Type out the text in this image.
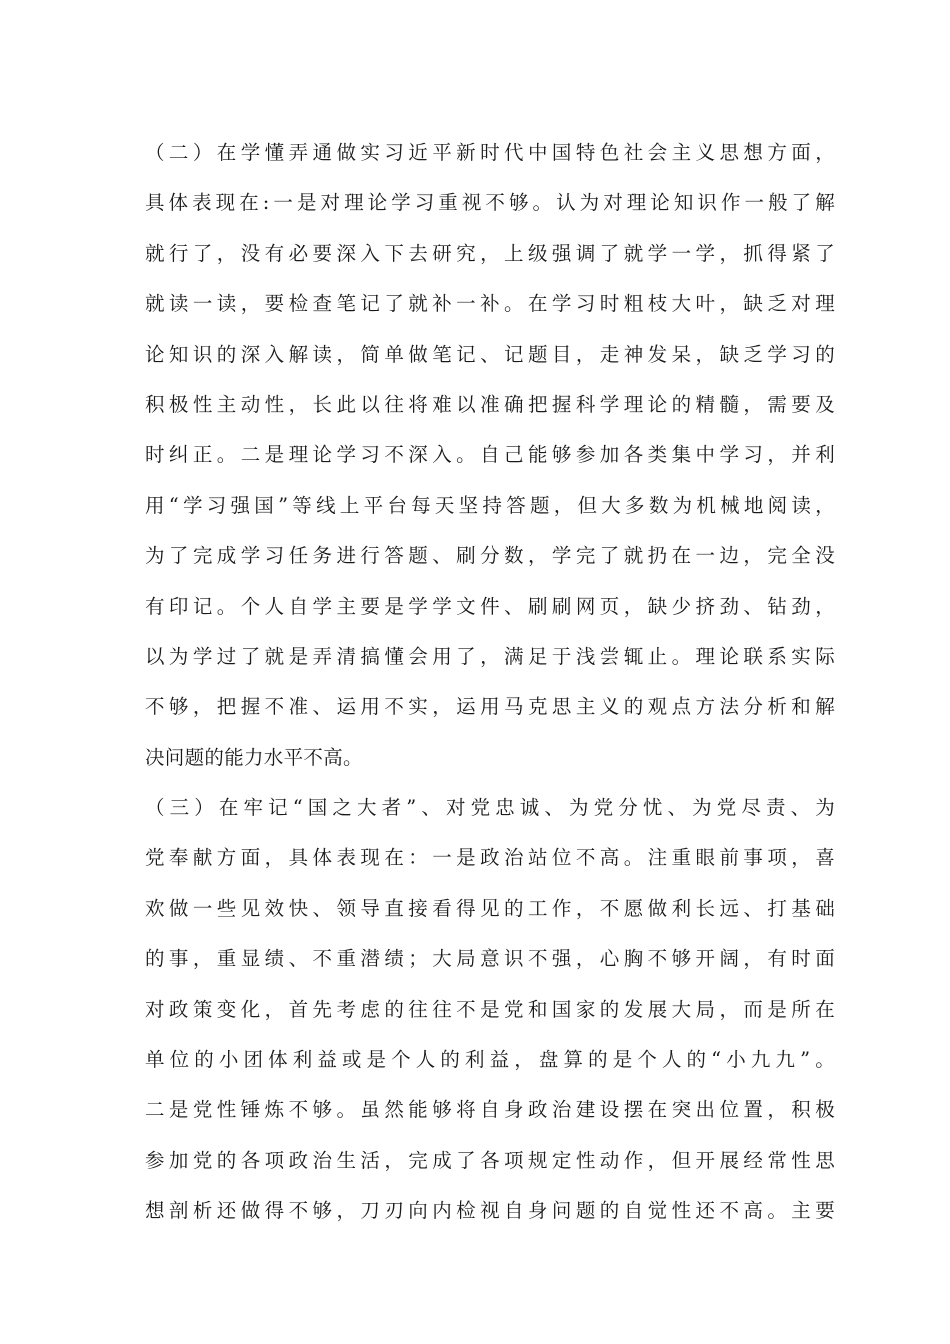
（二）在学懂弄通做实习近平新时代中国特色社会主义思想方面，
具体表现在:一是对理论学习重视不够。认为对理论知识作一般了解
就行了，没有必要深入下去研究，上级强调了就学一学，抓得紧了
就读一读，要检查笔记了就补一补。在学习时粗枝大叶，缺乏对理
论知识的深入解读，简单做笔记、记题目，走神发呆，缺乏学习的
积极性主动性，长此以往将难以准确把握科学理论的精髓，需要及
时纠正。二是理论学习不深入。自己能够参加各类集中学习，并利
用“学习强国”等线上平台每天坚持答题，但大多数为机械地阅读，
为了完成学习任务进行答题、刷分数，学完了就扔在一边，完全没
有印记。个人自学主要是学学文件、刷刷网页，缺少挤劲、钻劲，
以为学过了就是弄清搞懂会用了，满足于浅尝辄止。理论联系实际
不够，把握不准、运用不实，运用马克思主义的观点方法分析和解
决问题的能力水平不高。
（三）在牢记“国之大者”、对党忠诚、为党分忧、为党尽责、为
党奉献方面，具体表现在：一是政治站位不高。注重眼前事项，喜
欢做一些见效快、领导直接看得见的工作，不愿做利长远、打基础
的事，重显绩、不重潜绩；大局意识不强，心胸不够开阔，有时面
对政策变化，首先考虑的往往不是党和国家的发展大局，而是所在
单位的小团体利益或是个人的利益，盘算的是个人的“小九九”。
二是党性锤炼不够。虽然能够将自身政治建设摆在突出位置，积极
参加党的各项政治生活，完成了各项规定性动作，但开展经常性思
想剖析还做得不够，刀刃向内检视自身问题的自觉性还不高。主要
